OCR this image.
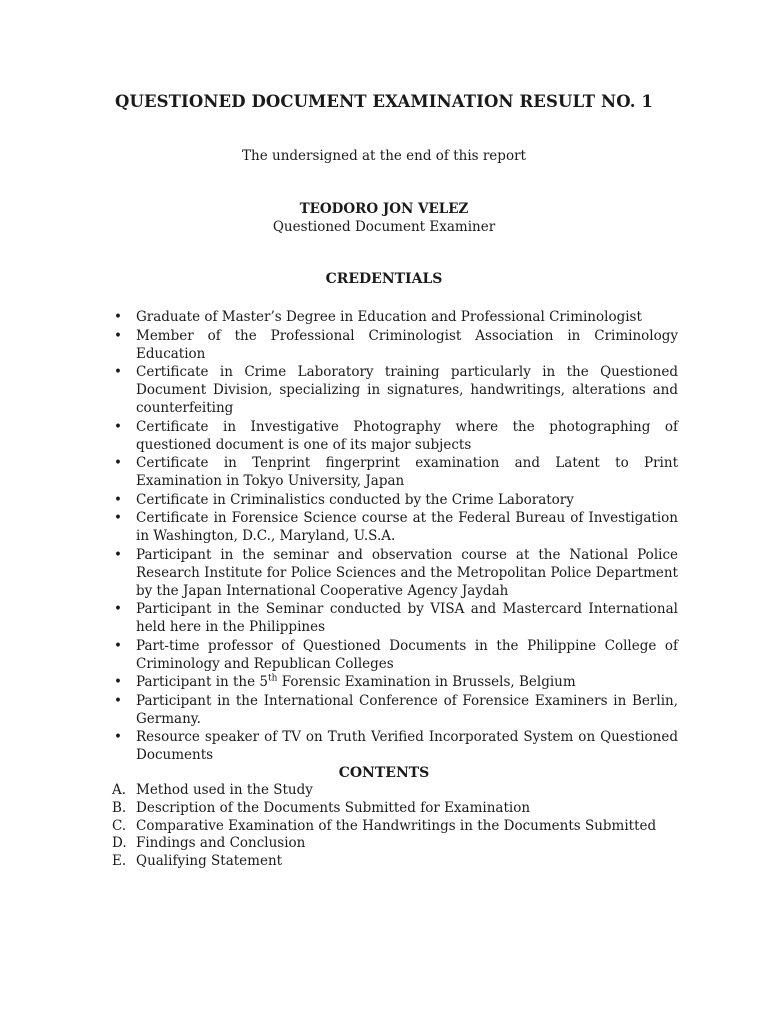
QUESTIONED DOCUMENT EXAMINATION RESULT NO. 1
The undersigned at the end of this report
TEODORO JON VELEZ
Questioned Document Examiner
CREDENTIALS
• Graduate of Master’s Degree in Education and Professional Criminologist
• Member of the Professional Criminologist Association in Criminology Education
• Certificate in Crime Laboratory training particularly in the Questioned Document Division, specializing in signatures, handwritings, alterations and counterfeiting
• Certificate in Investigative Photography where the photographing of questioned document is one of its major subjects
• Certificate in Tenprint fingerprint examination and Latent to Print Examination in Tokyo University, Japan
• Certificate in Criminalistics conducted by the Crime Laboratory
• Certificate in Forensice Science course at the Federal Bureau of Investigation in Washington, D.C., Maryland, U.S.A.
• Participant in the seminar and observation course at the National Police Research Institute for Police Sciences and the Metropolitan Police Department by the Japan International Cooperative Agency Jaydah
• Participant in the Seminar conducted by VISA and Mastercard International held here in the Philippines
• Part-time professor of Questioned Documents in the Philippine College of Criminology and Republican Colleges
• Participant in the 5th Forensic Examination in Brussels, Belgium
• Participant in the International Conference of Forensice Examiners in Berlin, Germany.
• Resource speaker of TV on Truth Verified Incorporated System on Questioned Documents
CONTENTS
A. Method used in the Study
B. Description of the Documents Submitted for Examination
C. Comparative Examination of the Handwritings in the Documents Submitted
D. Findings and Conclusion
E. Qualifying Statement
